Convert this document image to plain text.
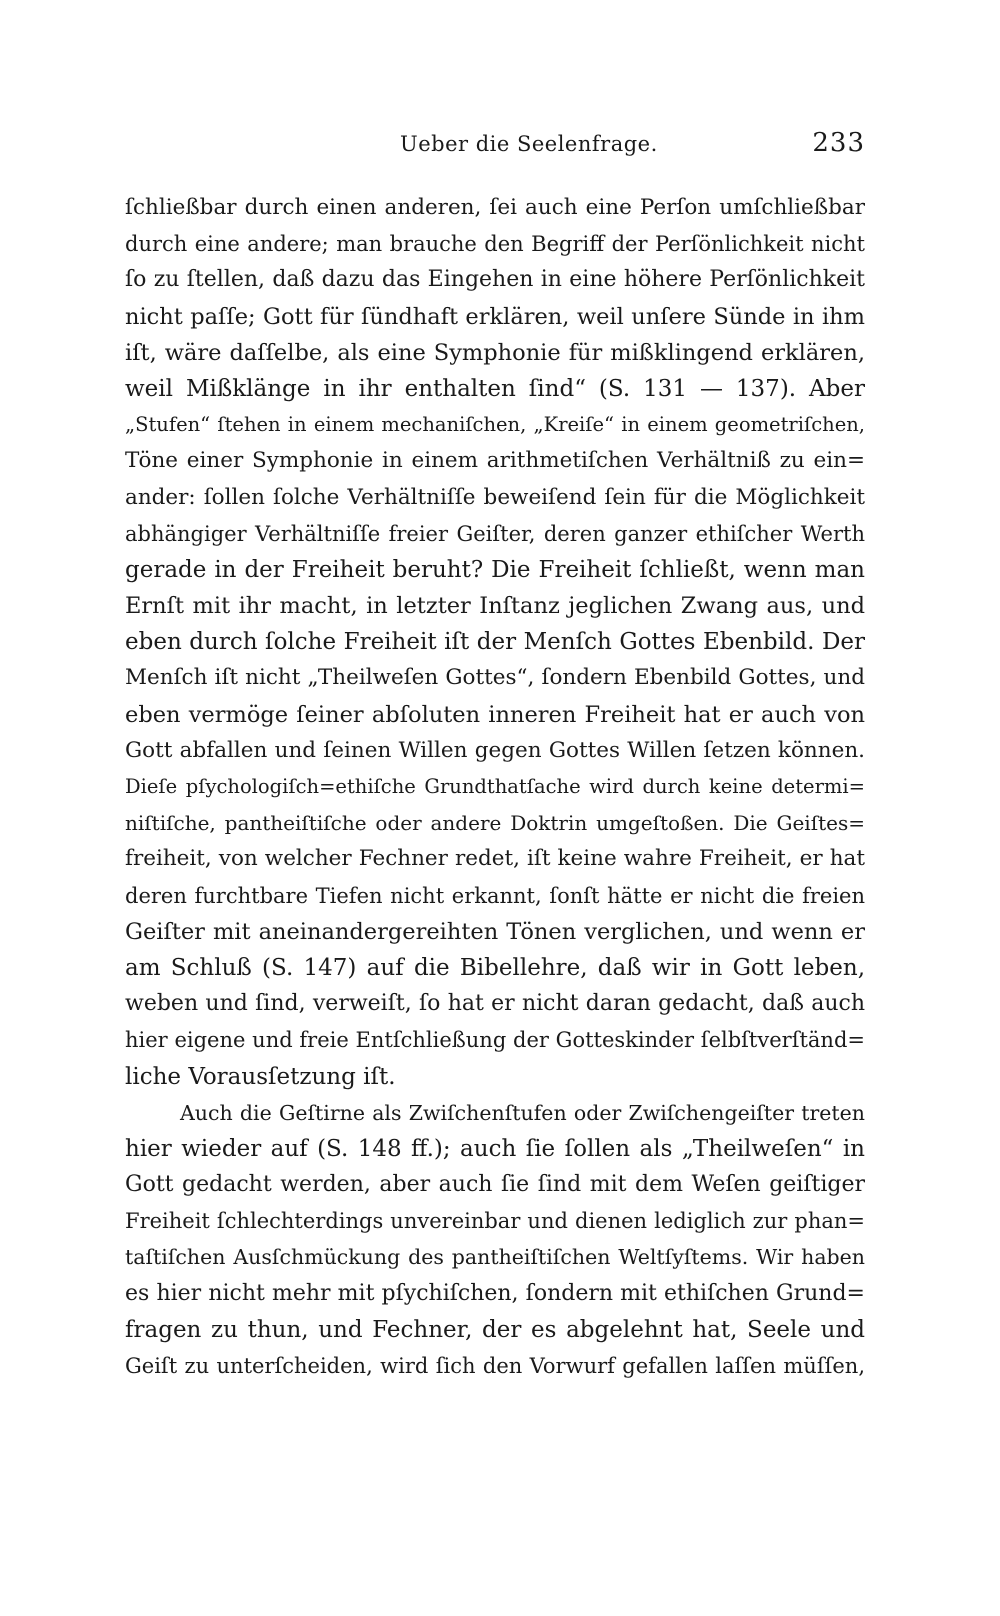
Ueber die Seelenfrage.	233
ſchließbar durch einen anderen, ſei auch eine Perſon umſchließbar
durch eine andere; man brauche den Begriff der Perſönlichkeit nicht
ſo zu ſtellen, daß dazu das Eingehen in eine höhere Perſönlichkeit
nicht paſſe; Gott für ſündhaft erklären, weil unſere Sünde in ihm
iſt, wäre daſſelbe, als eine Symphonie für mißklingend erklären,
weil Mißklänge in ihr enthalten ſind“ (S. 131 — 137). Aber
„Stufen“ ſtehen in einem mechaniſchen, „Kreiſe“ in einem geometriſchen,
Töne einer Symphonie in einem arithmetiſchen Verhältniß zu ein=
ander: ſollen ſolche Verhältniſſe beweiſend ſein für die Möglichkeit
abhängiger Verhältniſſe freier Geiſter, deren ganzer ethiſcher Werth
gerade in der Freiheit beruht? Die Freiheit ſchließt, wenn man
Ernſt mit ihr macht, in letzter Inſtanz jeglichen Zwang aus, und
eben durch ſolche Freiheit iſt der Menſch Gottes Ebenbild. Der
Menſch iſt nicht „Theilweſen Gottes“, ſondern Ebenbild Gottes, und
eben vermöge ſeiner abſoluten inneren Freiheit hat er auch von
Gott abfallen und ſeinen Willen gegen Gottes Willen ſetzen können.
Dieſe pſychologiſch=ethiſche Grundthatſache wird durch keine determi=
niſtiſche, pantheiſtiſche oder andere Doktrin umgeſtoßen. Die Geiſtes=
freiheit, von welcher Fechner redet, iſt keine wahre Freiheit, er hat
deren furchtbare Tiefen nicht erkannt, ſonſt hätte er nicht die freien
Geiſter mit aneinandergereihten Tönen verglichen, und wenn er
am Schluß (S. 147) auf die Bibellehre, daß wir in Gott leben,
weben und ſind, verweiſt, ſo hat er nicht daran gedacht, daß auch
hier eigene und freie Entſchließung der Gotteskinder ſelbſtverſtänd=
liche Vorausſetzung iſt.
Auch die Geſtirne als Zwiſchenſtufen oder Zwiſchengeiſter treten
hier wieder auf (S. 148 ff.); auch ſie ſollen als „Theilweſen“ in
Gott gedacht werden, aber auch ſie ſind mit dem Weſen geiſtiger
Freiheit ſchlechterdings unvereinbar und dienen lediglich zur phan=
taſtiſchen Ausſchmückung des pantheiſtiſchen Weltſyſtems. Wir haben
es hier nicht mehr mit pſychiſchen, ſondern mit ethiſchen Grund=
fragen zu thun, und Fechner, der es abgelehnt hat, Seele und
Geiſt zu unterſcheiden, wird ſich den Vorwurf gefallen laſſen müſſen,
